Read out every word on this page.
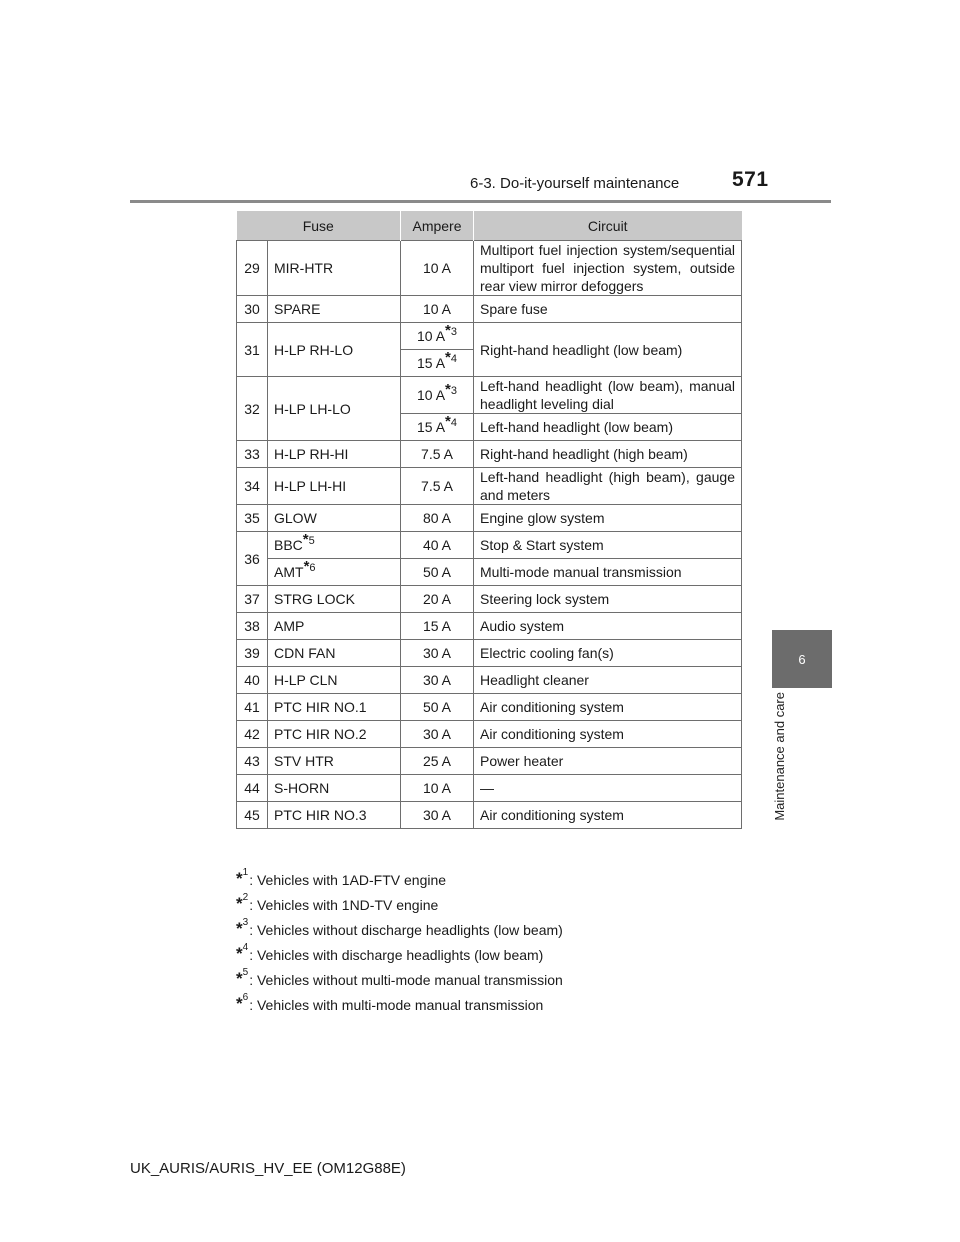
6-3. Do-it-yourself maintenance	571
6
Maintenance and care
Fuse		Ampere	Circuit
29	MIR-HTR	10 A	Multiport fuel injection system/sequential multiport fuel injection system, outside rear view mirror defoggers
30	SPARE	10 A	Spare fuse
31	H-LP RH-LO	10 $A^{*3}$	Right-hand headlight (low beam)
		15 $A^{*4}$
32	H-LP LH-LO	10 $A^{*3}$	Left-hand headlight (low beam), manual headlight leveling dial
		15 $A^{*4}$	Left-hand headlight (low beam)
33	H-LP RH-HI	7.5 A	Right-hand headlight (high beam)
34	H-LP LH-HI	7.5 A	Left-hand headlight (high beam), gauge and meters
35	GLOW	80 A	Engine glow system
36	BBC$^{*5}$	40 A	Stop & Start system
	AMT$^{*6}$	50 A	Multi-mode manual transmission
37	STRG LOCK	20 A	Steering lock system
38	AMP	15 A	Audio system
39	CDN FAN	30 A	Electric cooling fan(s)
40	H-LP CLN	30 A	Headlight cleaner
41	PTC HIR NO.1	50 A	Air conditioning system
42	PTC HIR NO.2	30 A	Air conditioning system
43	STV HTR	25 A	Power heater
44	S-HORN	10 A	—
45	PTC HIR NO.3	30 A	Air conditioning system
* 1 : Vehicles with 1AD-FTV engine
* 2 : Vehicles with 1ND-TV engine
* 3 : Vehicles without discharge headlights (low beam)
* 4 : Vehicles with discharge headlights (low beam)
* 5 : Vehicles without multi-mode manual transmission
* 6 : Vehicles with multi-mode manual transmission
UK_AURIS/AURIS_HV_EE (OM12G88E)
